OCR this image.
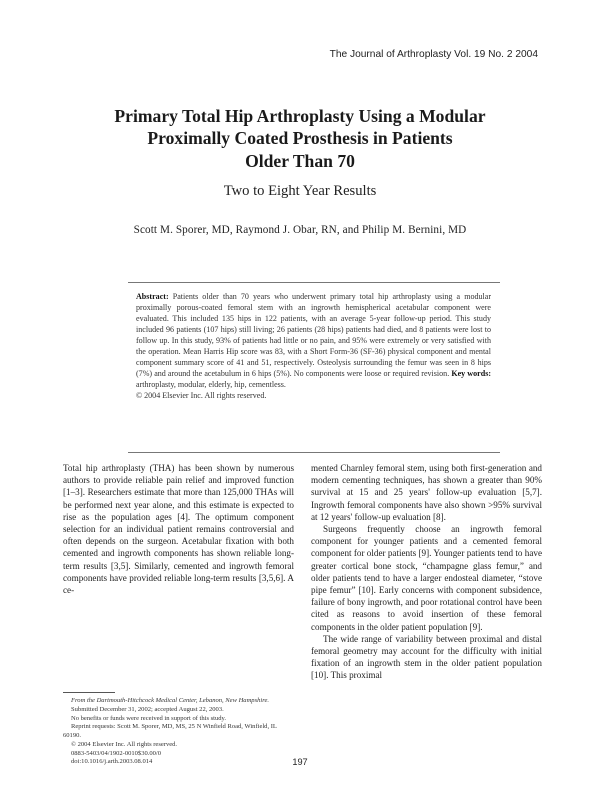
The Journal of Arthroplasty Vol. 19 No. 2 2004
Primary Total Hip Arthroplasty Using a Modular
Proximally Coated Prosthesis in Patients
Older Than 70
Two to Eight Year Results
Scott M. Sporer, MD, Raymond J. Obar, RN, and Philip M. Bernini, MD
Abstract: Patients older than 70 years who underwent primary total hip arthroplasty using a modular proximally porous-coated femoral stem with an ingrowth hemispherical acetabular component were evaluated. This included 135 hips in 122 patients, with an average 5-year follow-up period. This study included 96 patients (107 hips) still living; 26 patients (28 hips) patients had died, and 8 patients were lost to follow up. In this study, 93% of patients had little or no pain, and 95% were extremely or very satisfied with the operation. Mean Harris Hip score was 83, with a Short Form-36 (SF-36) physical component and mental component summary score of 41 and 51, respectively. Osteolysis surrounding the femur was seen in 8 hips (7%) and around the acetabulum in 6 hips (5%). No components were loose or required revision. Key words: arthroplasty, modular, elderly, hip, cementless.
© 2004 Elsevier Inc. All rights reserved.

Total hip arthroplasty (THA) has been shown by numerous authors to provide reliable pain relief and improved function [1–3]. Researchers estimate that more than 125,000 THAs will be performed next year alone, and this estimate is expected to rise as the population ages [4]. The optimum component selection for an individual patient remains controversial and often depends on the surgeon. Acetabular fixation with both cemented and ingrowth components has shown reliable long-term results [3,5]. Similarly, cemented and ingrowth femoral components have provided reliable long-term results [3,5,6]. A ce-

mented Charnley femoral stem, using both first-generation and modern cementing techniques, has shown a greater than 90% survival at 15 and 25 years' follow-up evaluation [5,7]. Ingrowth femoral components have also shown >95% survival at 12 years' follow-up evaluation [8].

Surgeons frequently choose an ingrowth femoral component for younger patients and a cemented femoral component for older patients [9]. Younger patients tend to have greater cortical bone stock, “champagne glass femur,” and older patients tend to have a larger endosteal diameter, “stove pipe femur” [10]. Early concerns with component subsidence, failure of bony ingrowth, and poor rotational control have been cited as reasons to avoid insertion of these femoral components in the older patient population [9].

The wide range of variability between proximal and distal femoral geometry may account for the difficulty with initial fixation of an ingrowth stem in the older patient population [10]. This proximal

From the Dartmouth-Hitchcock Medical Center, Lebanon, New Hampshire.
Submitted December 31, 2002; accepted August 22, 2003.
No benefits or funds were received in support of this study.
Reprint requests: Scott M. Sporer, MD, MS, 25 N Winfield Road, Winfield, IL 60190.
© 2004 Elsevier Inc. All rights reserved.
0883-5403/04/1902-0010$30.00/0
doi:10.1016/j.arth.2003.08.014	197
